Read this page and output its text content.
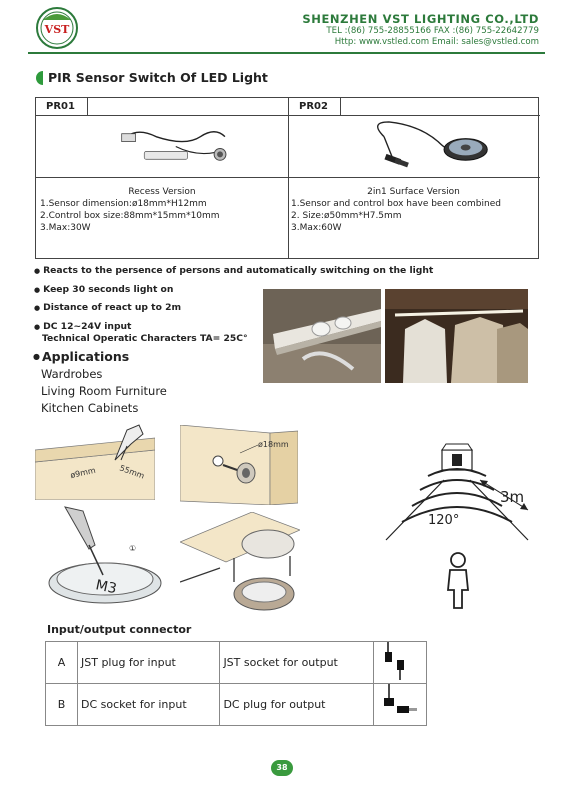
VST
SHENZHEN VST LIGHTING CO.,LTD
TEL :(86) 755-28855166 FAX :(86) 755-22642779
Http: www.vstled.com Email: sales@vstled.com
PIR Sensor Switch Of LED Light
PR01
Recess Version
1.Sensor dimension:ø18mm*H12mm
2.Control box size:88mm*15mm*10mm
3.Max:30W
PR02
2in1 Surface Version
1.Sensor and control box have been combined
2. Size:ø50mm*H7.5mm
3.Max:60W
● Reacts to the persence of persons and automatically switching on the light
● Keep 30 seconds light on
● Distance of react up to 2m
● DC 12~24V input
Technical Operatic Characters TA= 25C°
● Applications
Wardrobes
Living Room Furniture
Kitchen Cabinets
ø9mm	55mm
ø18mm
①
M3
3m
120°
Input/output connector
A	JST plug for input	JST socket for output	
B	DC socket for input	DC plug for output	
38
